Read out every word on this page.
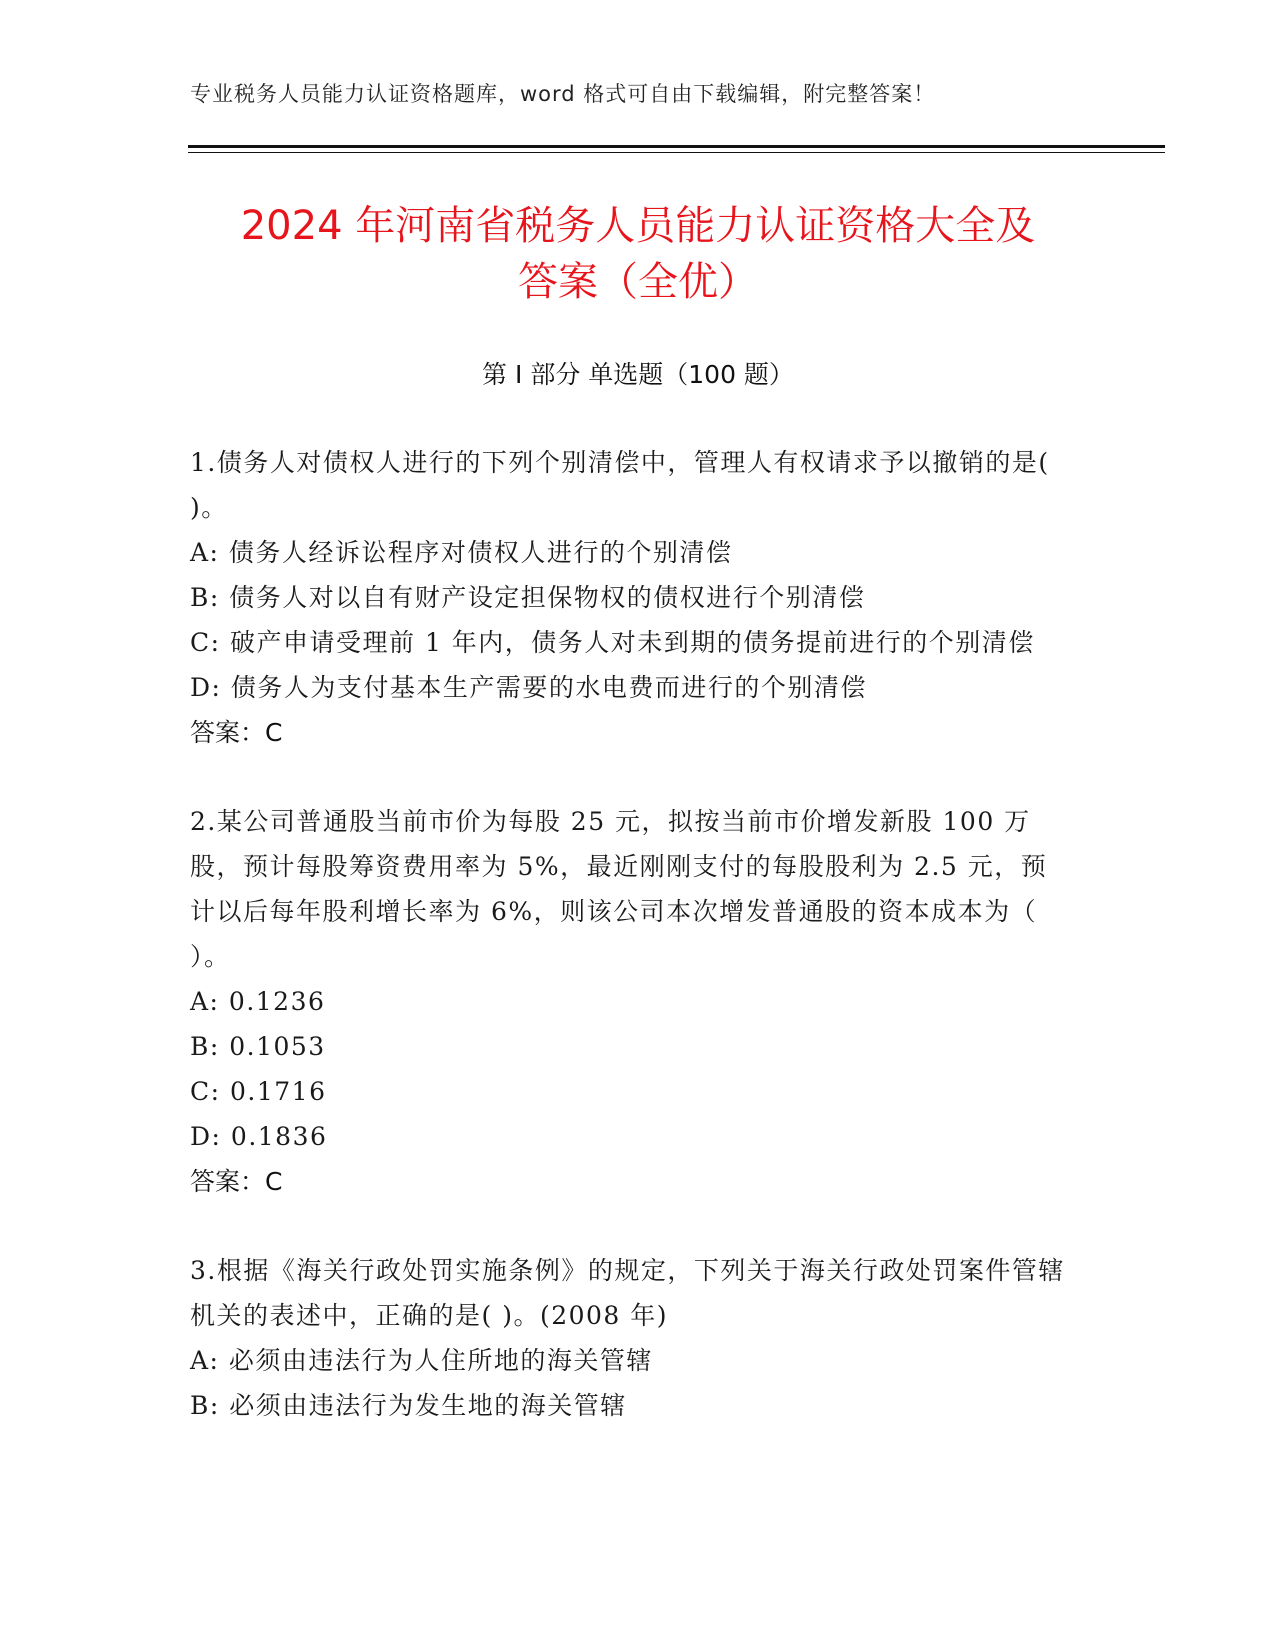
专业税务人员能力认证资格题库，word 格式可自由下载编辑，附完整答案！
2024 年河南省税务人员能力认证资格大全及
答案（全优）
第 I 部分 单选题（100 题）
1.债务人对债权人进行的下列个别清偿中，管理人有权请求予以撤销的是( )。
A: 债务人经诉讼程序对债权人进行的个别清偿
B: 债务人对以自有财产设定担保物权的债权进行个别清偿
C: 破产申请受理前 1 年内，债务人对未到期的债务提前进行的个别清偿
D: 债务人为支付基本生产需要的水电费而进行的个别清偿
答案：C
2.某公司普通股当前市价为每股 25 元，拟按当前市价增发新股 100 万股，预计每股筹资费用率为 5%，最近刚刚支付的每股股利为 2.5 元，预计以后每年股利增长率为 6%，则该公司本次增发普通股的资本成本为（ ）。
A: 0.1236
B: 0.1053
C: 0.1716
D: 0.1836
答案：C
3.根据《海关行政处罚实施条例》的规定，下列关于海关行政处罚案件管辖机关的表述中，正确的是( )。(2008 年)
A: 必须由违法行为人住所地的海关管辖
B: 必须由违法行为发生地的海关管辖
